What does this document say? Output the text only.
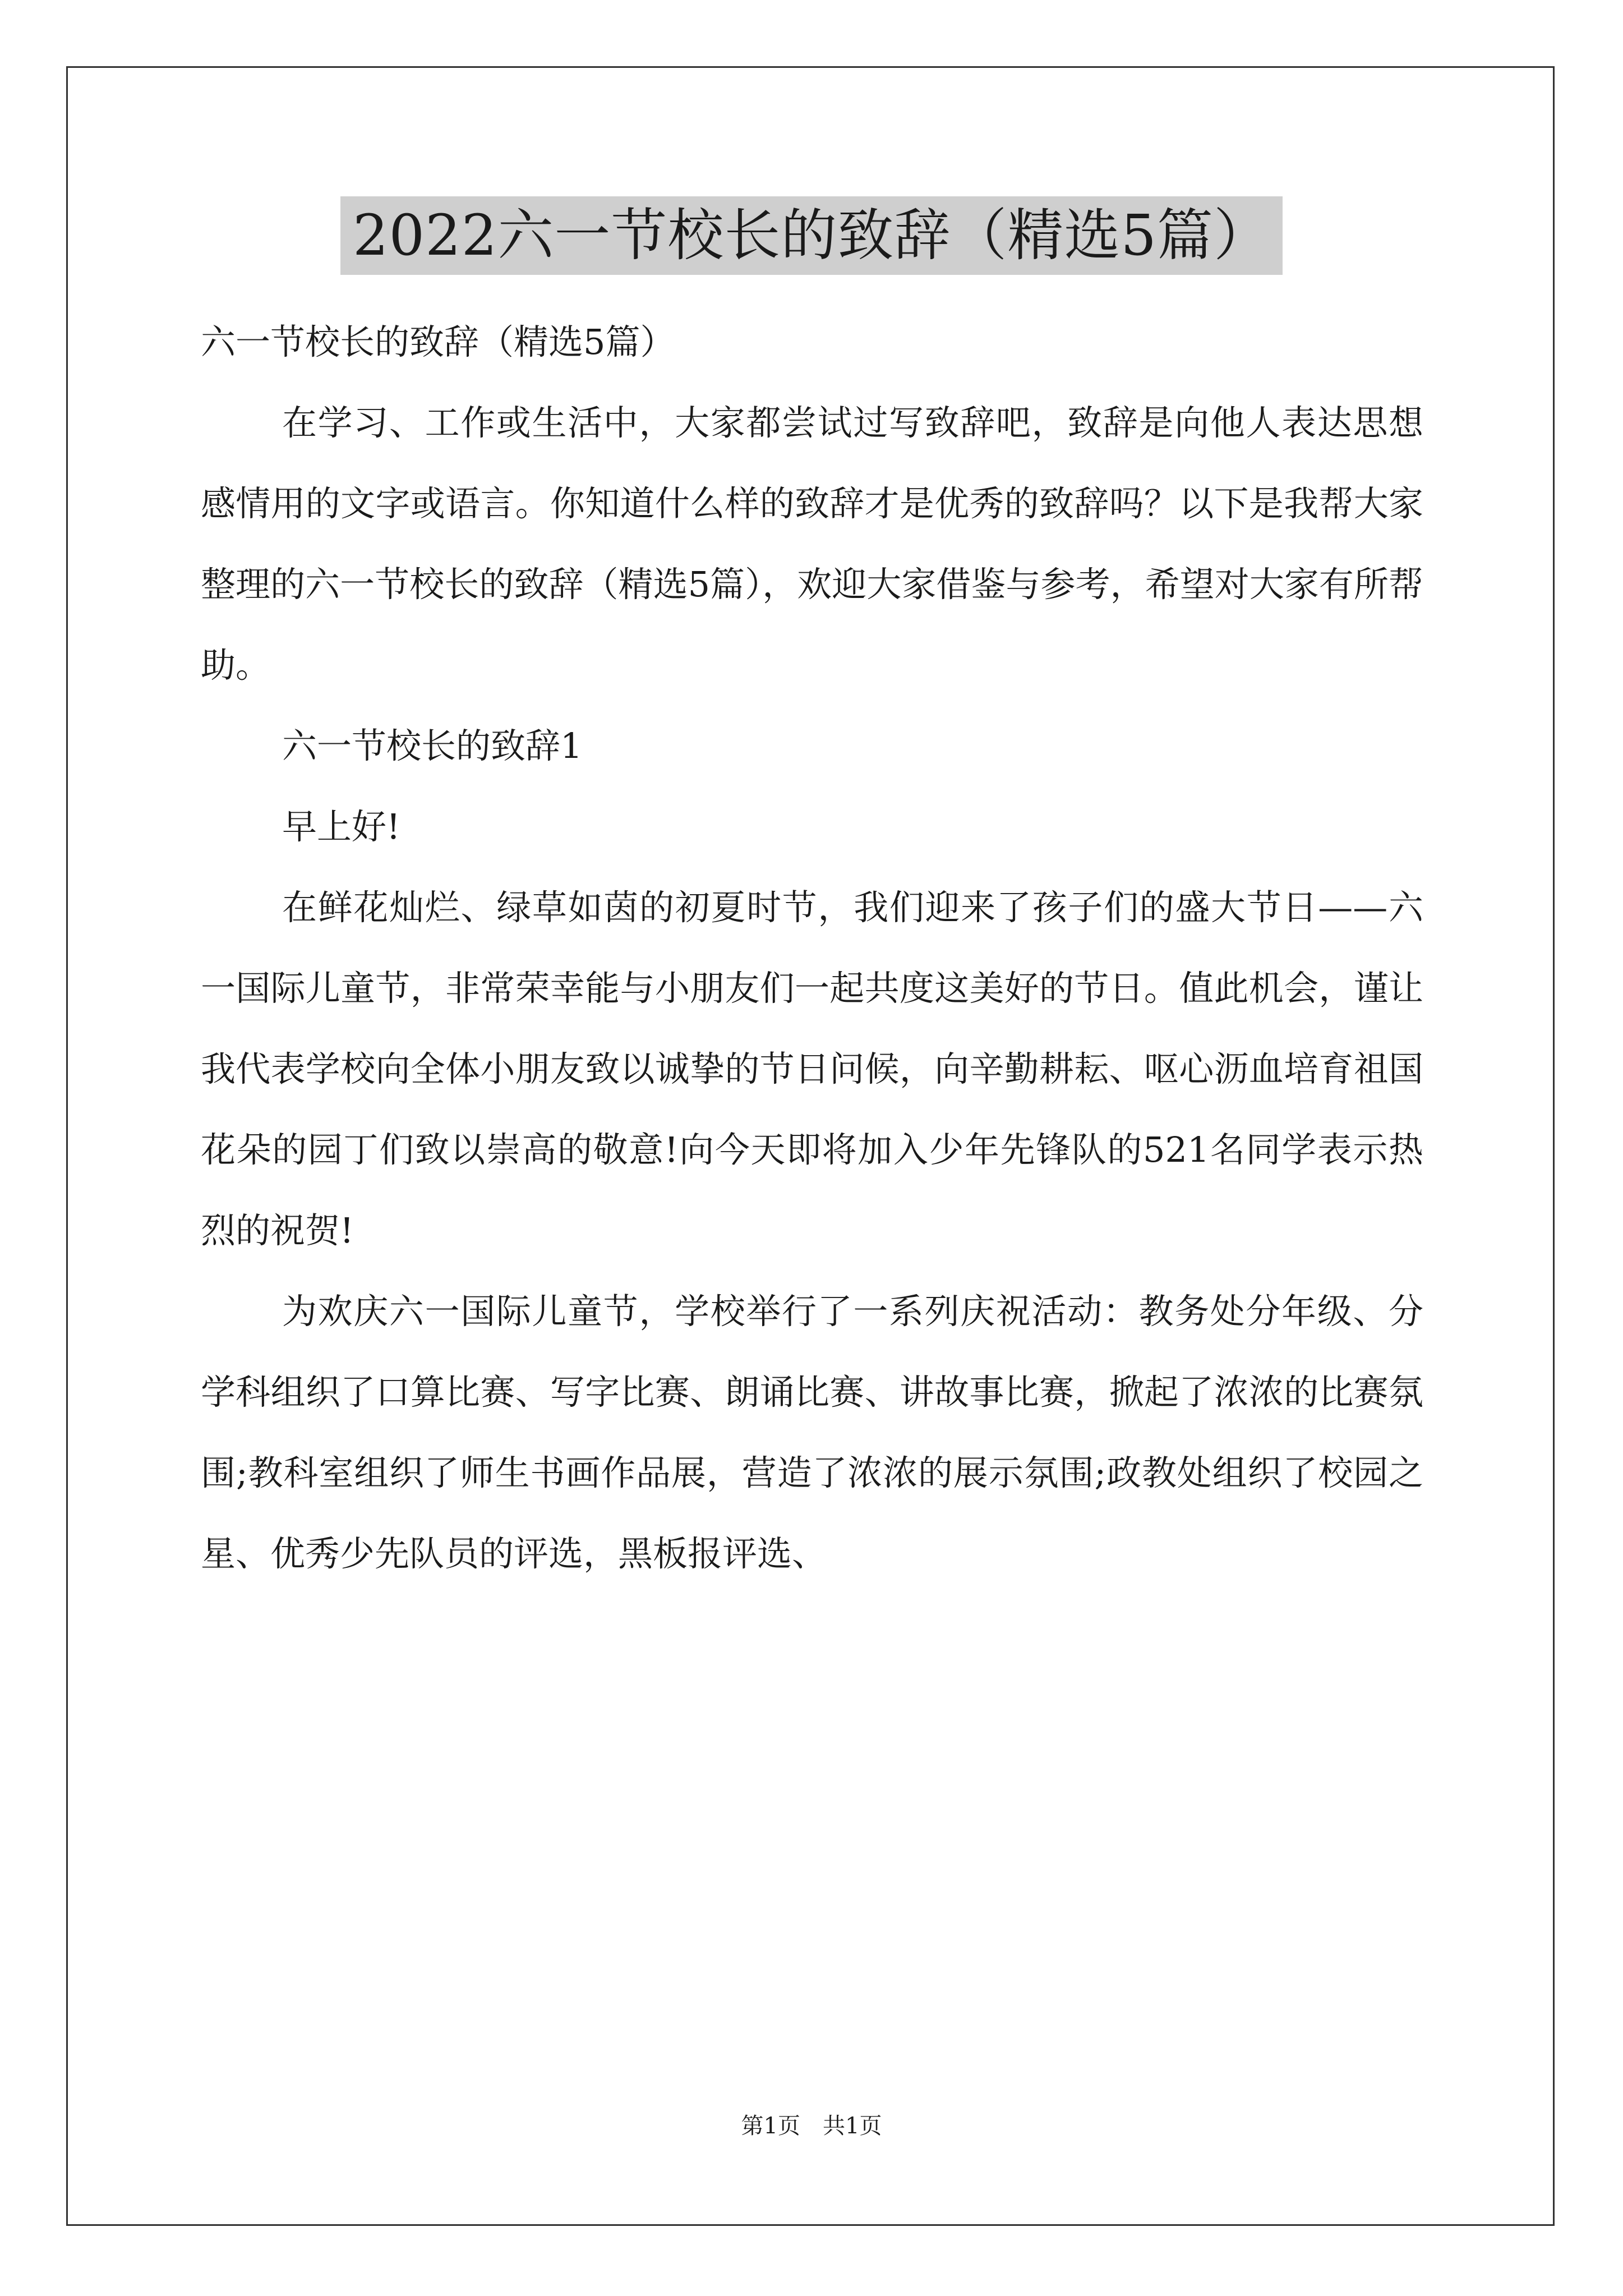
2022六一节校长的致辞（精选5篇）

六一节校长的致辞（精选5篇）

在学习、工作或生活中，大家都尝试过写致辞吧，致辞是向他人表达思想感情用的文字或语言。你知道什么样的致辞才是优秀的致辞吗？以下是我帮大家整理的六一节校长的致辞（精选5篇），欢迎大家借鉴与参考，希望对大家有所帮助。

六一节校长的致辞1

早上好!

在鲜花灿烂、绿草如茵的初夏时节，我们迎来了孩子们的盛大节日——六一国际儿童节，非常荣幸能与小朋友们一起共度这美好的节日。值此机会，谨让我代表学校向全体小朋友致以诚挚的节日问候，向辛勤耕耘、呕心沥血培育祖国花朵的园丁们致以崇高的敬意!向今天即将加入少年先锋队的521名同学表示热烈的祝贺!

为欢庆六一国际儿童节，学校举行了一系列庆祝活动：教务处分年级、分学科组织了口算比赛、写字比赛、朗诵比赛、讲故事比赛，掀起了浓浓的比赛氛围;教科室组织了师生书画作品展，营造了浓浓的展示氛围;政教处组织了校园之星、优秀少先队员的评选，黑板报评选、

第1页　共1页
